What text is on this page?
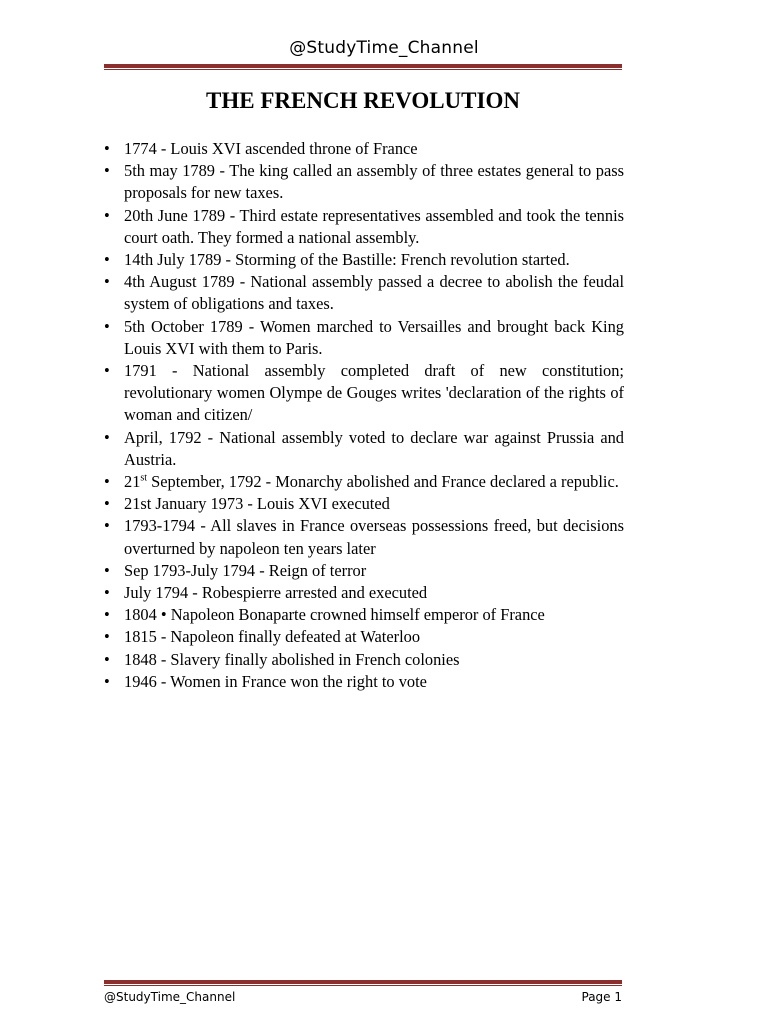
@StudyTime_Channel
THE FRENCH REVOLUTION
• 1774 - Louis XVI ascended throne of France
• 5th may 1789 - The king called an assembly of three estates general to pass proposals for new taxes.
• 20th June 1789 - Third estate representatives assembled and took the tennis court oath. They formed a national assembly.
• 14th July 1789 - Storming of the Bastille: French revolution started.
• 4th August 1789 - National assembly passed a decree to abolish the feudal system of obligations and taxes.
• 5th October 1789 - Women marched to Versailles and brought back King Louis XVI with them to Paris.
• 1791 - National assembly completed draft of new constitution; revolutionary women Olympe de Gouges writes 'declaration of the rights of woman and citizen/
• April, 1792 - National assembly voted to declare war against Prussia and Austria.
• 21st September, 1792 - Monarchy abolished and France declared a republic.
• 21st January 1973 - Louis XVI executed
• 1793-1794 - All slaves in France overseas possessions freed, but decisions overturned by napoleon ten years later
• Sep 1793-July 1794 - Reign of terror
• July 1794 - Robespierre arrested and executed
• 1804 • Napoleon Bonaparte crowned himself emperor of France
• 1815 - Napoleon finally defeated at Waterloo
• 1848 - Slavery finally abolished in French colonies
• 1946 - Women in France won the right to vote
@StudyTime_Channel	Page 1
